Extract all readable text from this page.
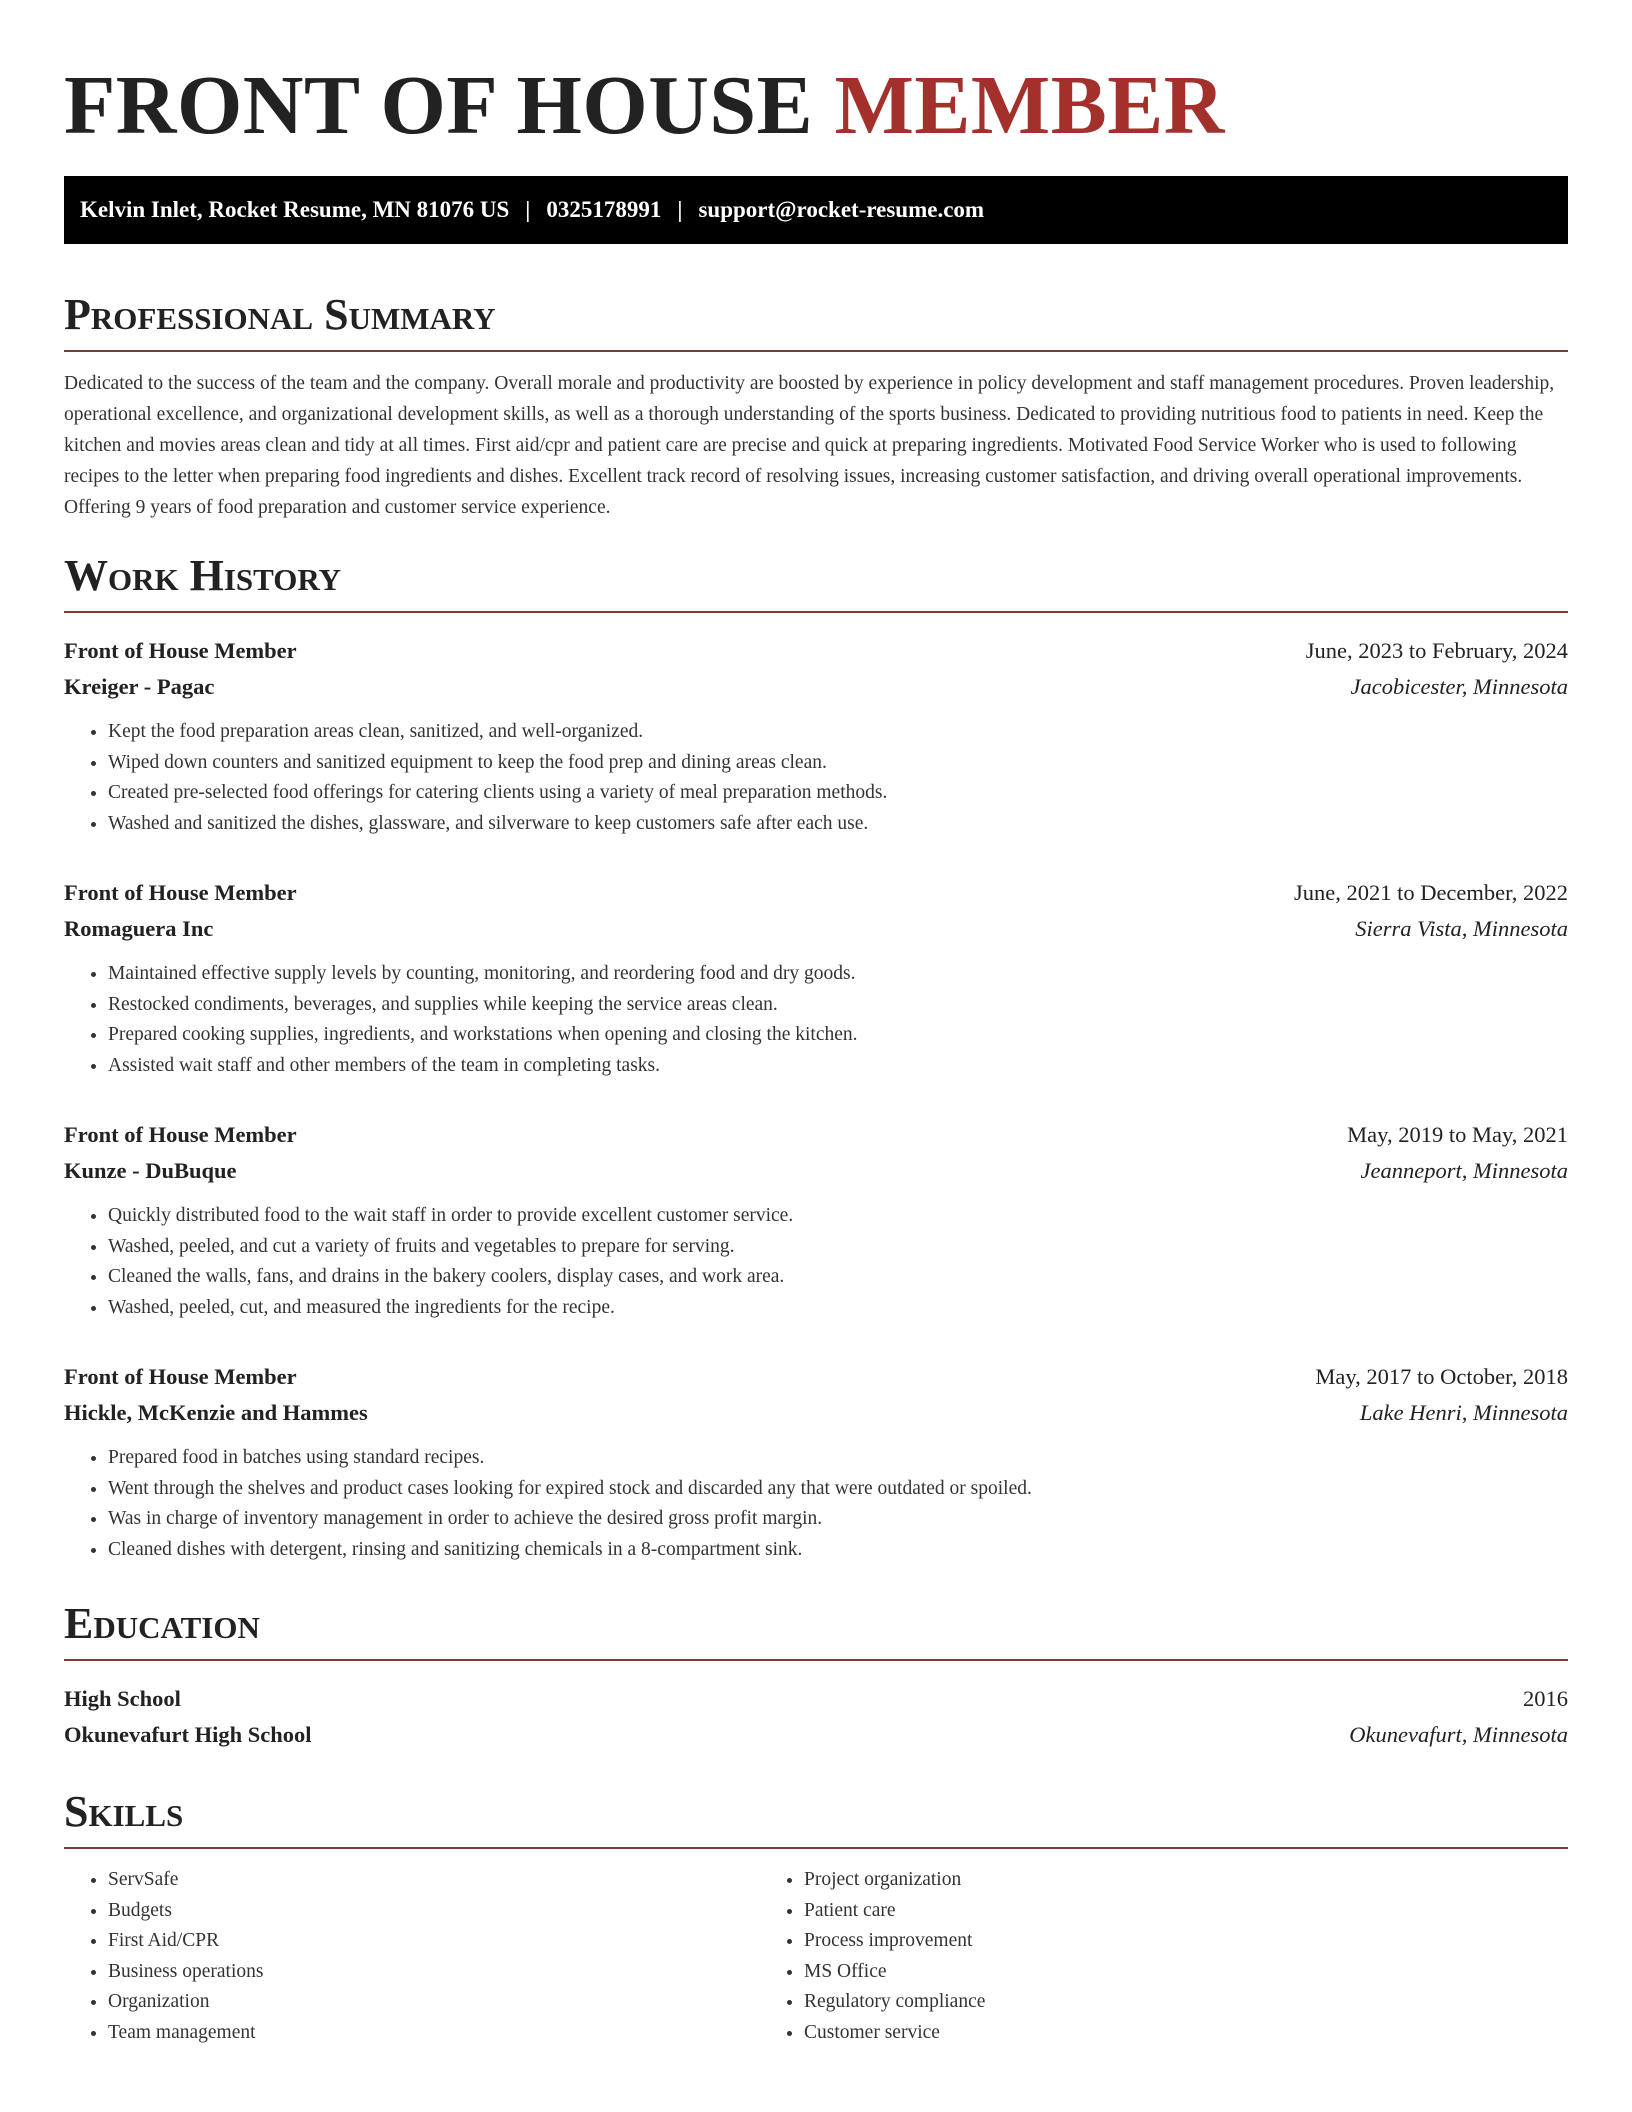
FRONT OF HOUSE MEMBER
Kelvin Inlet, Rocket Resume, MN 81076 US | 0325178991 | support@rocket-resume.com
Professional Summary

Dedicated to the success of the team and the company. Overall morale and productivity are boosted by experience in policy development and staff management procedures. Proven leadership, operational excellence, and organizational development skills, as well as a thorough understanding of the sports business. Dedicated to providing nutritious food to patients in need. Keep the kitchen and movies areas clean and tidy at all times. First aid/cpr and patient care are precise and quick at preparing ingredients. Motivated Food Service Worker who is used to following recipes to the letter when preparing food ingredients and dishes. Excellent track record of resolving issues, increasing customer satisfaction, and driving overall operational improvements. Offering 9 years of food preparation and customer service experience.

Work History
Front of House Member	June, 2023 to February, 2024
Kreiger - Pagac	Jacobicester, Minnesota
• Kept the food preparation areas clean, sanitized, and well-organized.
• Wiped down counters and sanitized equipment to keep the food prep and dining areas clean.
• Created pre-selected food offerings for catering clients using a variety of meal preparation methods.
• Washed and sanitized the dishes, glassware, and silverware to keep customers safe after each use.
Front of House Member	June, 2021 to December, 2022
Romaguera Inc	Sierra Vista, Minnesota
• Maintained effective supply levels by counting, monitoring, and reordering food and dry goods.
• Restocked condiments, beverages, and supplies while keeping the service areas clean.
• Prepared cooking supplies, ingredients, and workstations when opening and closing the kitchen.
• Assisted wait staff and other members of the team in completing tasks.
Front of House Member	May, 2019 to May, 2021
Kunze - DuBuque	Jeanneport, Minnesota
• Quickly distributed food to the wait staff in order to provide excellent customer service.
• Washed, peeled, and cut a variety of fruits and vegetables to prepare for serving.
• Cleaned the walls, fans, and drains in the bakery coolers, display cases, and work area.
• Washed, peeled, cut, and measured the ingredients for the recipe.
Front of House Member	May, 2017 to October, 2018
Hickle, McKenzie and Hammes	Lake Henri, Minnesota
• Prepared food in batches using standard recipes.
• Went through the shelves and product cases looking for expired stock and discarded any that were outdated or spoiled.
• Was in charge of inventory management in order to achieve the desired gross profit margin.
• Cleaned dishes with detergent, rinsing and sanitizing chemicals in a 8-compartment sink.
Education
High School	2016
Okunevafurt High School	Okunevafurt, Minnesota
Skills
• ServSafe
• Budgets
• First Aid/CPR
• Business operations
• Organization
• Team management
• Project organization
• Patient care
• Process improvement
• MS Office
• Regulatory compliance
• Customer service
